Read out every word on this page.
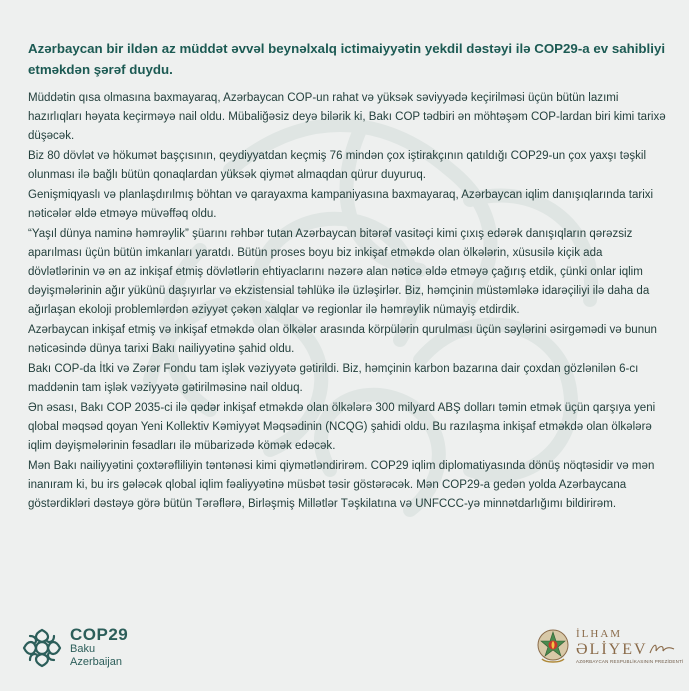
Azərbaycan bir ildən az müddət əvvəl beynəlxalq ictimaiyyətin yekdil dəstəyi ilə COP29-a ev sahibliyi etməkdən şərəf duydu.
Müddətin qısa olmasına baxmayaraq, Azərbaycan COP-un rahat və yüksək səviyyədə keçirilməsi üçün bütün lazımi hazırlıqları həyata keçirməyə nail oldu. Mübaliğəsiz deyə bilərik ki, Bakı COP tədbiri ən möhtəşəm COP-lardan biri kimi tarixə düşəcək.
Biz 80 dövlət və hökumət başçısının, qeydiyyatdan keçmiş 76 mindən çox iştirakçının qatıldığı COP29-un çox yaxşı təşkil olunması ilə bağlı bütün qonaqlardan yüksək qiymət almaqdan qürur duyuruq.
Genişmiqyaslı və planlaşdırılmış böhtan və qarayaxma kampaniyasına baxmayaraq, Azərbaycan iqlim danışıqlarında tarixi nəticələr əldə etməyə müvəffəq oldu.
“Yaşıl dünya naminə həmrəylik” şüarını rəhbər tutan Azərbaycan bitərəf vasitəçi kimi çıxış edərək danışıqların qərəzsiz aparılması üçün bütün imkanları yaratdı. Bütün proses boyu biz inkişaf etməkdə olan ölkələrin, xüsusilə kiçik ada dövlətlərinin və ən az inkişaf etmiş dövlətlərin ehtiyaclarını nəzərə alan nəticə əldə etməyə çağırış etdik, çünki onlar iqlim dəyişmələrinin ağır yükünü daşıyırlar və ekzistensial təhlükə ilə üzləşirlər. Biz, həmçinin müstəmləkə idarəçiliyi ilə daha da ağırlaşan ekoloji problemlərdən əziyyət çəkən xalqlar və regionlar ilə həmrəylik nümayiş etdirdik.
Azərbaycan inkişaf etmiş və inkişaf etməkdə olan ölkələr arasında körpülərin qurulması üçün səylərini əsirgəmədi və bunun nəticəsində dünya tarixi Bakı nailiyyətinə şahid oldu.
Bakı COP-da İtki və Zərər Fondu tam işlək vəziyyətə gətirildi. Biz, həmçinin karbon bazarına dair çoxdan gözlənilən 6-cı maddənin tam işlək vəziyyətə gətirilməsinə nail olduq.
Ən əsası, Bakı COP 2035-ci ilə qədər inkişaf etməkdə olan ölkələrə 300 milyard ABŞ dolları təmin etmək üçün qarşıya yeni qlobal məqsəd qoyan Yeni Kollektiv Kəmiyyət Məqsədinin (NCQG) şahidi oldu. Bu razılaşma inkişaf etməkdə olan ölkələrə iqlim dəyişmələrinin fəsadları ilə mübarizədə kömək edəcək.
Mən Bakı nailiyyətini çoxtərəfliliyin təntənəsi kimi qiymətləndirirəm. COP29 iqlim diplomatiyasında dönüş nöqtəsidir və mən inanıram ki, bu irs gələcək qlobal iqlim fəaliyyətinə müsbət təsir göstərəcək. Mən COP29-a gedən yolda Azərbaycana göstərdikləri dəstəyə görə bütün Tərəflərə, Birləşmiş Millətlər Təşkilatına və UNFCCC-yə minnətdarlığımı bildirirəm.
COP29
Baku
Azerbaijan
İLHAM
ƏLİYEV
AZƏRBAYCAN RESPUBLİKASININ PREZİDENTİ
